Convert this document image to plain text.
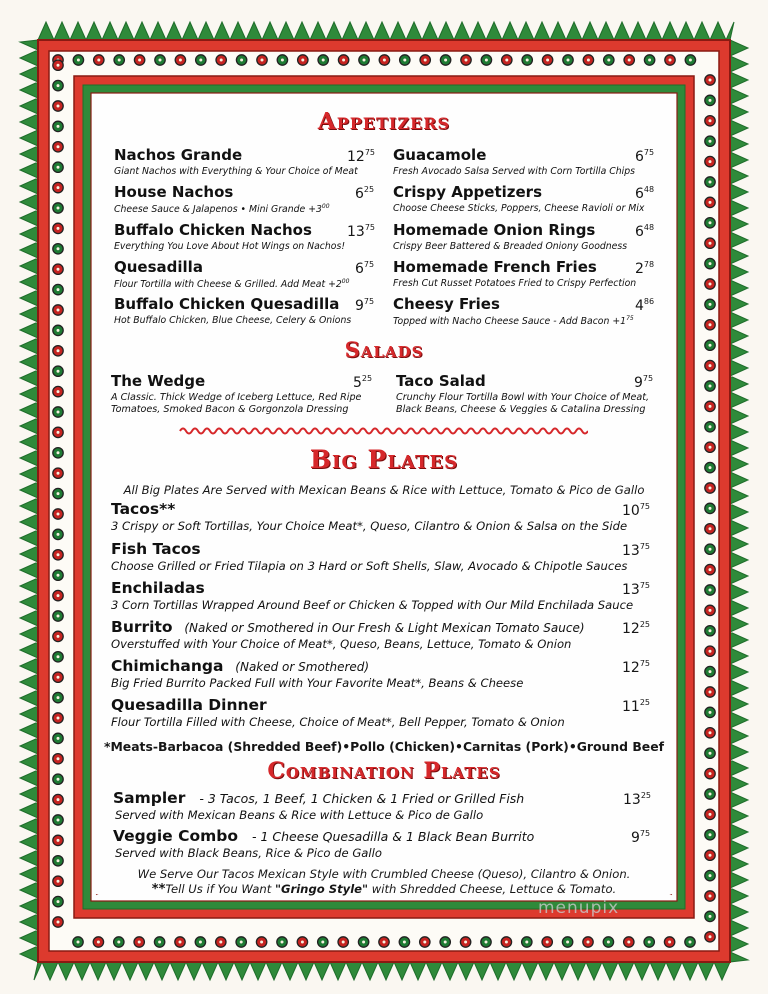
Appetizers
Nachos Grande
Giant Nachos with Everything & Your Choice of Meat
$12^{75}$
House Nachos
Cheese Sauce & Jalapenos • Mini Grande $+3^{00}$
$6^{25}$
Buffalo Chicken Nachos
Everything You Love About Hot Wings on Nachos!
$13^{75}$
Quesadilla
Flour Tortilla with Cheese & Grilled. Add Meat $+2^{00}$
$6^{75}$
Buffalo Chicken Quesadilla
Hot Buffalo Chicken, Blue Cheese, Celery & Onions
$9^{75}$
Guacamole
Fresh Avocado Salsa Served with Corn Tortilla Chips
$6^{75}$
Crispy Appetizers
Choose Cheese Sticks, Poppers, Cheese Ravioli or Mix
$6^{48}$
Homemade Onion Rings
Crispy Beer Battered & Breaded Oniony Goodness
$6^{48}$
Homemade French Fries
Fresh Cut Russet Potatoes Fried to Crispy Perfection
$2^{78}$
Cheesy Fries
Topped with Nacho Cheese Sauce - Add Bacon $+1^{75}$
$4^{86}$
Salads
The Wedge
A Classic. Thick Wedge of Iceberg Lettuce, Red Ripe
Tomatoes, Smoked Bacon & Gorgonzola Dressing
$5^{25}$ Taco Salad
Crunchy Flour Tortilla Bowl with Your Choice of Meat,
Black Beans, Cheese & Veggies & Catalina Dressing
$9^{75}$
Big Plates
All Big Plates Are Served with Mexican Beans & Rice with Lettuce, Tomato & Pico de Gallo
Tacos**
3 Crispy or Soft Tortillas, Your Choice Meat*, Queso, Cilantro & Onion & Salsa on the Side
$10^{75}$
Fish Tacos
Choose Grilled or Fried Tilapia on 3 Hard or Soft Shells, Slaw, Avocado & Chipotle Sauces
$13^{75}$
Enchiladas
3 Corn Tortillas Wrapped Around Beef or Chicken & Topped with Our Mild Enchilada Sauce
$13^{75}$
Burrito (Naked or Smothered in Our Fresh & Light Mexican Tomato Sauce)
Overstuffed with Your Choice of Meat*, Queso, Beans, Lettuce, Tomato & Onion
$12^{25}$
Chimichanga (Naked or Smothered)
Big Fried Burrito Packed Full with Your Favorite Meat*, Beans & Cheese
$12^{75}$
Quesadilla Dinner
Flour Tortilla Filled with Cheese, Choice of Meat*, Bell Pepper, Tomato & Onion
$11^{25}$
*Meats-Barbacoa (Shredded Beef)•Pollo (Chicken)•Carnitas (Pork)•Ground Beef
Combination Plates
Sampler - 3 Tacos, 1 Beef, 1 Chicken & 1 Fried or Grilled Fish
Served with Mexican Beans & Rice with Lettuce & Pico de Gallo
$13^{25}$
Veggie Combo - 1 Cheese Quesadilla & 1 Black Bean Burrito
Served with Black Beans, Rice & Pico de Gallo
$9^{75}$
We Serve Our Tacos Mexican Style with Crumbled Cheese (Queso), Cilantro & Onion.
**Tell Us if You Want "Gringo Style" with Shredded Cheese, Lettuce & Tomato.
menupix
